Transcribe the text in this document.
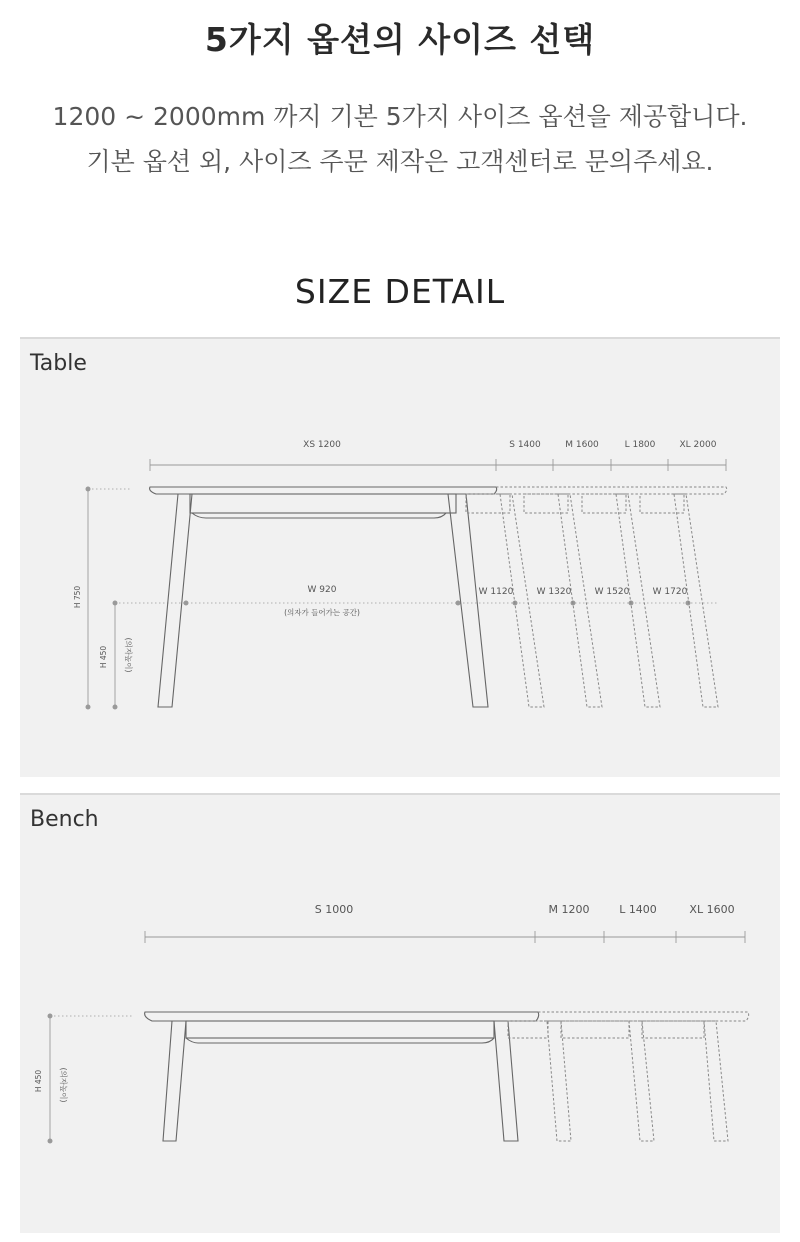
5가지 옵션의 사이즈 선택
1200 ~ 2000mm 까지 기본 5가지 사이즈 옵션을 제공합니다.
기본 옵션 외, 사이즈 주문 제작은 고객센터로 문의주세요.
SIZE DETAIL
Table
XS 1200	S 1400	M 1600	L 1800	XL 2000
H 750
H 450 (의자높이)
W 920
(의자가 들어가는 공간)
W 1120	W 1320	W 1520	W 1720
Bench
S 1000	M 1200	L 1400	XL 1600
H 450 (의자높이)
